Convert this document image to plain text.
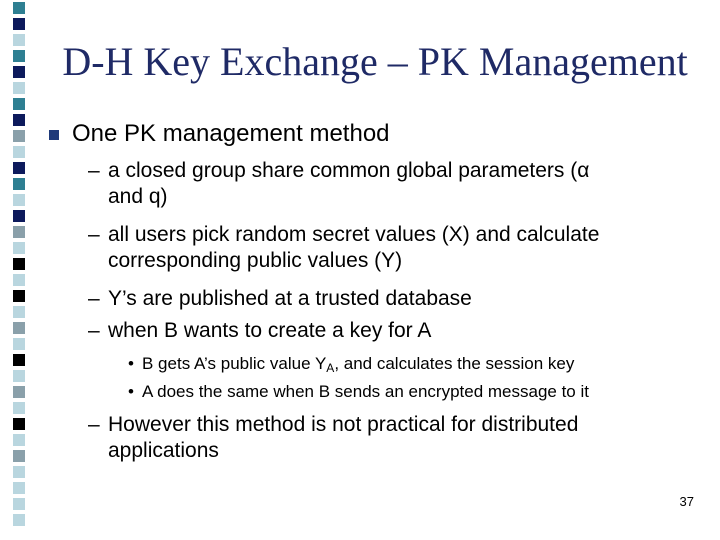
D-H Key Exchange – PK Management
One PK management method
– a closed group share common global parameters (α
and q)
– all users pick random secret values (X) and calculate
corresponding public values (Y)
– Y’s are published at a trusted database
– when B wants to create a key for A
• B gets A’s public value $Y_A$, and calculates the session key
• A does the same when B sends an encrypted message to it
– However this method is not practical for distributed
applications
37
